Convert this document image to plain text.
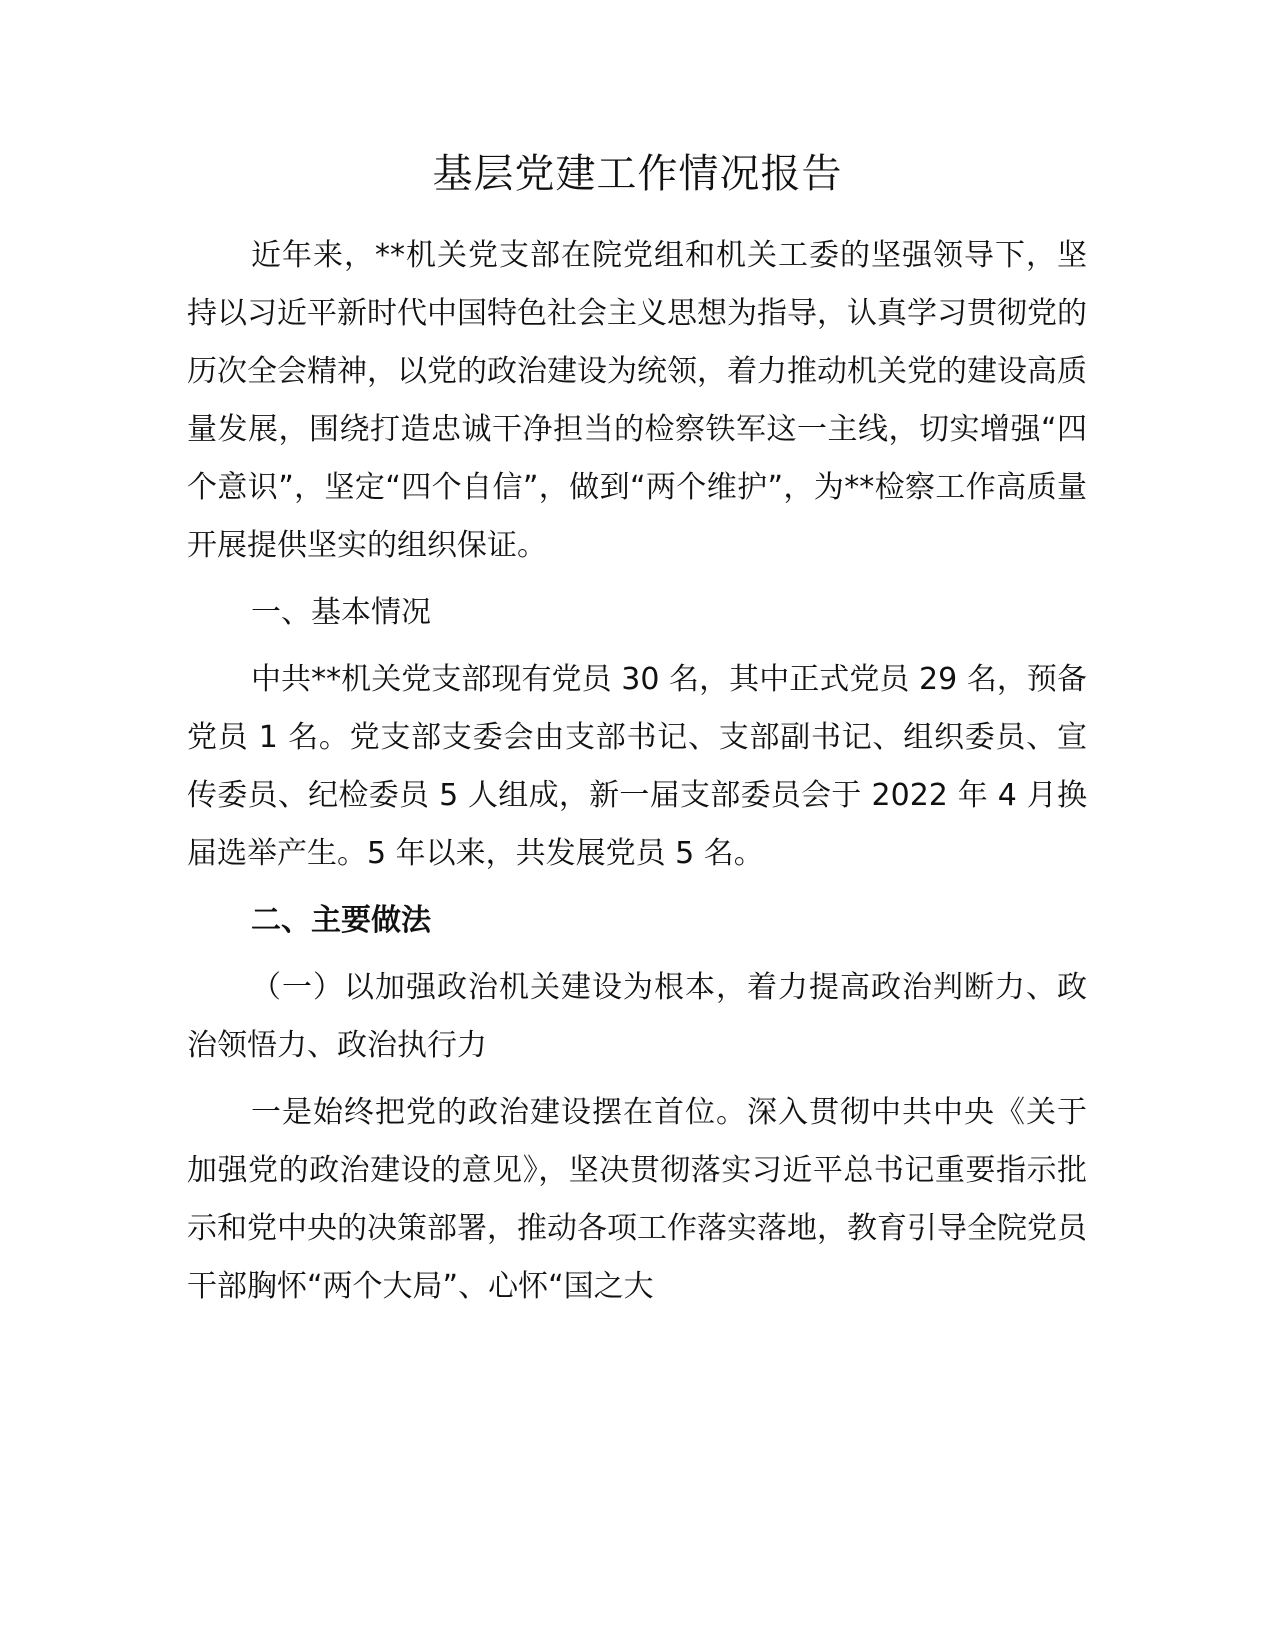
基层党建工作情况报告

近年来，**机关党支部在院党组和机关工委的坚强领导下，坚持以习近平新时代中国特色社会主义思想为指导，认真学习贯彻党的历次全会精神，以党的政治建设为统领，着力推动机关党的建设高质量发展，围绕打造忠诚干净担当的检察铁军这一主线，切实增强“四个意识”，坚定“四个自信”，做到“两个维护”，为**检察工作高质量开展提供坚实的组织保证。

一、基本情况

中共**机关党支部现有党员 30 名，其中正式党员 29 名，预备党员 1 名。党支部支委会由支部书记、支部副书记、组织委员、宣传委员、纪检委员 5 人组成，新一届支部委员会于 2022 年 4 月换届选举产生。5 年以来，共发展党员 5 名。

二、主要做法

（一）以加强政治机关建设为根本，着力提高政治判断力、政治领悟力、政治执行力

一是始终把党的政治建设摆在首位。深入贯彻中共中央《关于加强党的政治建设的意见》，坚决贯彻落实习近平总书记重要指示批示和党中央的决策部署，推动各项工作落实落地，教育引导全院党员干部胸怀“两个大局”、心怀“国之大
